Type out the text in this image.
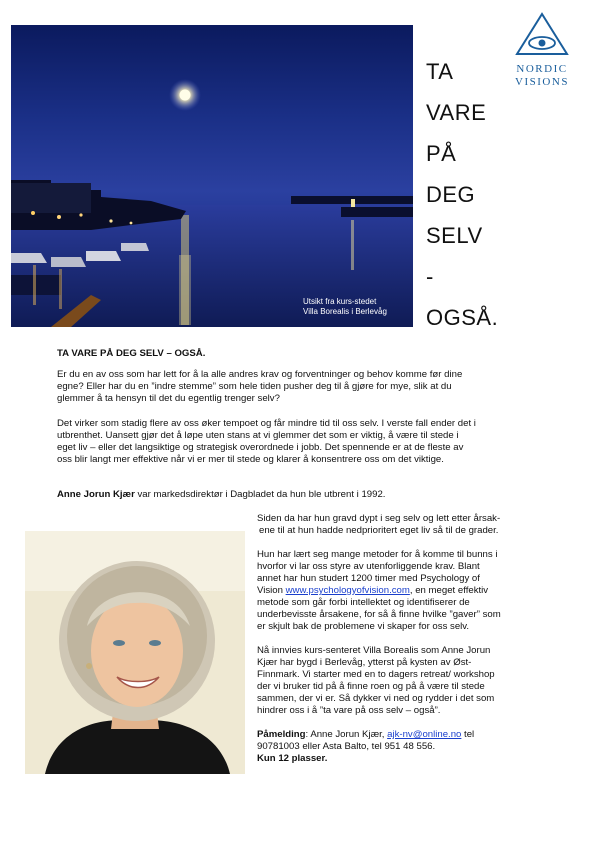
Utsikt fra kurs-stedet
Villa Borealis i Berlevåg
TA
VARE
PÅ
DEG
SELV
-
OGSÅ.
NORDIC
VISIONS
TA VARE PÅ DEG SELV – OGSÅ.
Er du en av oss som har lett for å la alle andres krav og forventninger og behov komme før dine
egne? Eller har du en ”indre stemme” som hele tiden pusher deg til å gjøre for mye, slik at du
glemmer å ta hensyn til det du egentlig trenger selv?
Det virker som stadig flere av oss øker tempoet og får mindre tid til oss selv. I verste fall ender det i
utbrenthet. Uansett gjør det å løpe uten stans at vi glemmer det som er viktig, å være til stede i
eget liv – eller det langsiktige og strategisk overordnede i jobb. Det spennende er at de fleste av
oss blir langt mer effektive når vi er mer til stede og klarer å konsentrere oss om det viktige.
Anne Jorun Kjær var markedsdirektør i Dagbladet da hun ble utbrent i 1992.
Siden da har hun gravd dypt i seg selv og lett etter årsak-
ene til at hun hadde nedprioritert eget liv så til de grader.
Hun har lært seg mange metoder for å komme til bunns i
hvorfor vi lar oss styre av utenforliggende krav. Blant
annet har hun studert 1200 timer med Psychology of
Vision www.psychologyofvision.com, en meget effektiv
metode som går forbi intellektet og identifiserer de
underbevisste årsakene, for så å finne hvilke ”gaver” som
er skjult bak de problemene vi skaper for oss selv.
Nå innvies kurs-senteret Villa Borealis som Anne Jorun
Kjær har bygd i Berlevåg, ytterst på kysten av Øst-
Finnmark. Vi starter med en to dagers retreat/ workshop
der vi bruker tid på å finne roen og på å være til stede
sammen, der vi er. Så dykker vi ned og rydder i det som
hindrer oss i å ”ta vare på oss selv – også”.
Påmelding: Anne Jorun Kjær, ajk-nv@online.no tel
90781003 eller Asta Balto, tel 951 48 556.
Kun 12 plasser.
